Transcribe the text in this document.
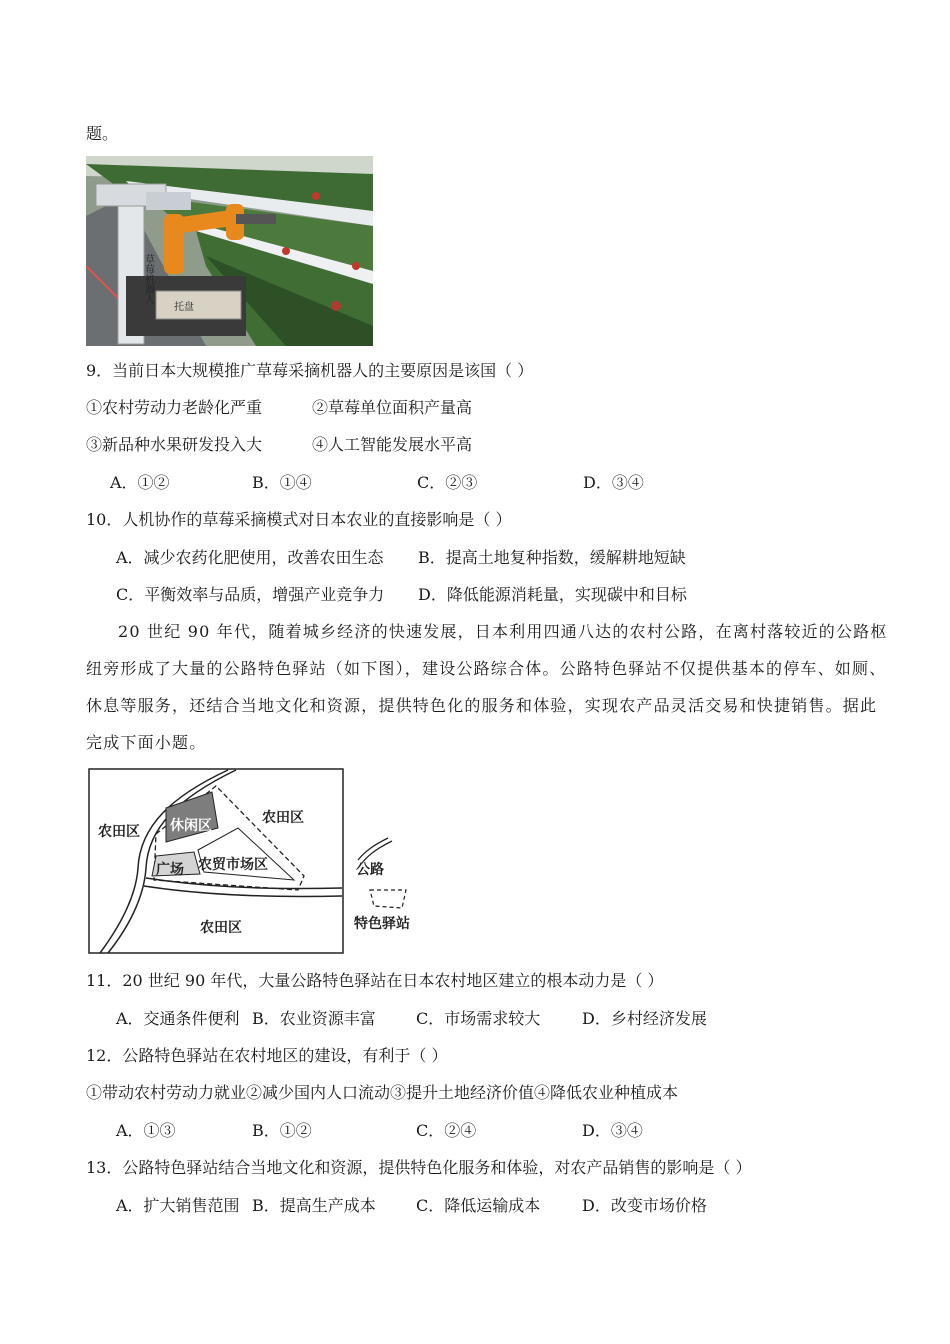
题。
草莓机器人
托盘
9．当前日本大规模推广草莓采摘机器人的主要原因是该国（ ）
①农村劳动力老龄化严重	②草莓单位面积产量高
③新品种水果研发投入大	④人工智能发展水平高
A．①②	B．①④	C．②③	D．③④
10．人机协作的草莓采摘模式对日本农业的直接影响是（ ）
A．减少农药化肥使用，改善农田生态 B．提高土地复种指数，缓解耕地短缺
C．平衡效率与品质，增强产业竞争力 D．降低能源消耗量，实现碳中和目标
20 世纪 90 年代，随着城乡经济的快速发展，日本利用四通八达的农村公路，在离村落较近的公路枢
纽旁形成了大量的公路特色驿站（如下图），建设公路综合体。公路特色驿站不仅提供基本的停车、如厕、
休息等服务，还结合当地文化和资源，提供特色化的服务和体验，实现农产品灵活交易和快捷销售。据此
完成下面小题。
农田区
农田区
农田区
休闲区
农贸市场区
广场	公路
特色驿站
11．20 世纪 90 年代，大量公路特色驿站在日本农村地区建立的根本动力是（ ）
A．交通条件便利 B．农业资源丰富	C．市场需求较大	D．乡村经济发展
12．公路特色驿站在农村地区的建设，有利于（ ）
①带动农村劳动力就业②减少国内人口流动③提升土地经济价值④降低农业种植成本
A．①③	B．①②	C．②④	D．③④
13．公路特色驿站结合当地文化和资源，提供特色化服务和体验，对农产品销售的影响是（ ）
A．扩大销售范围 B．提高生产成本	C．降低运输成本	D．改变市场价格
